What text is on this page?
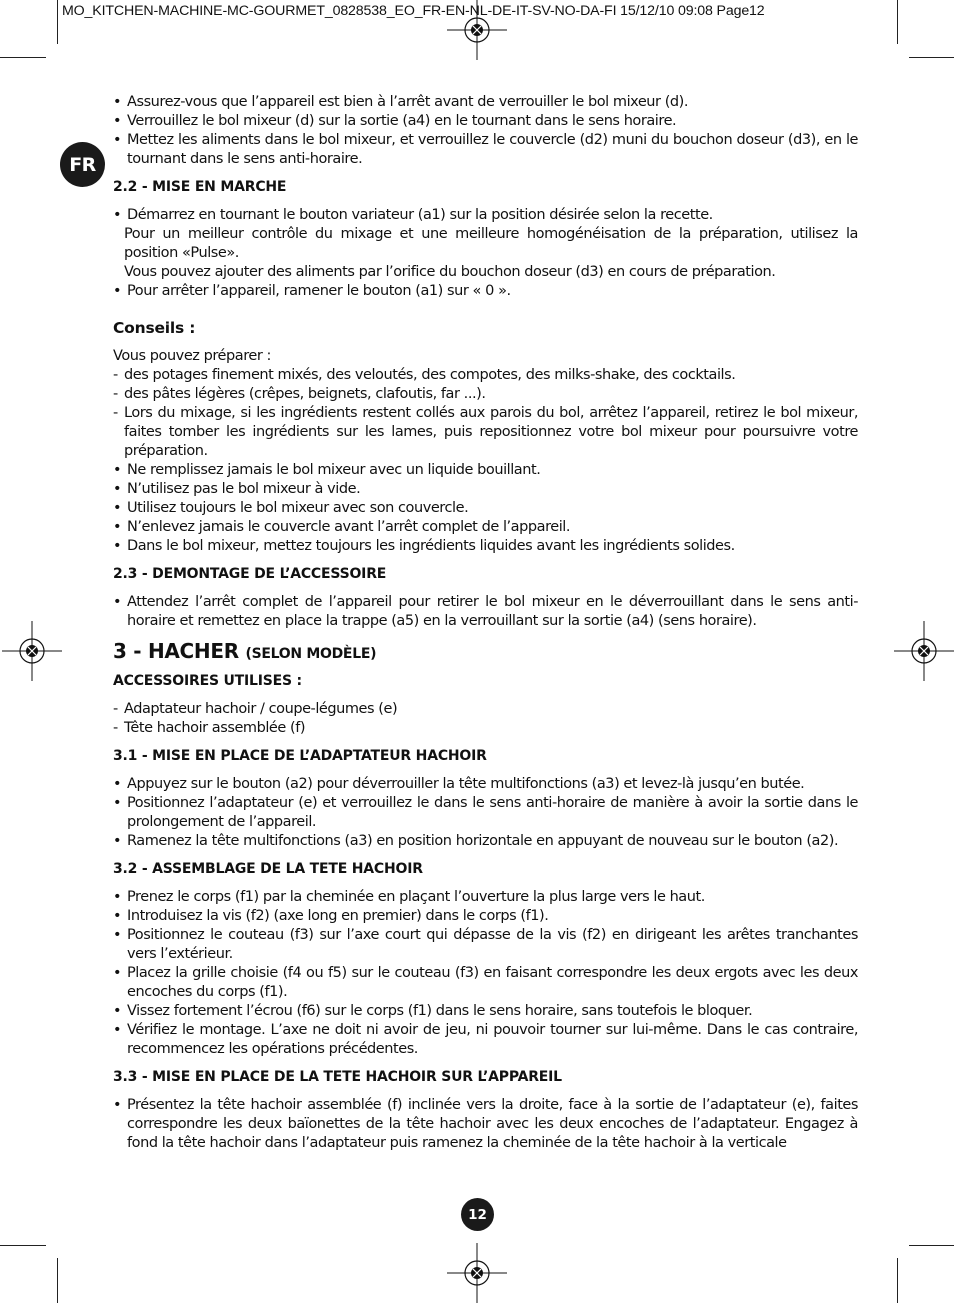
MO_KITCHEN-MACHINE-MC-GOURMET_0828538_EO_FR-EN-NL-DE-IT-SV-NO-DA-FI 15/12/10 09:08 Page12
FR
• Assurez-vous que l’appareil est bien à l’arrêt avant de verrouiller le bol mixeur (d).
• Verrouillez le bol mixeur (d) sur la sortie (a4) en le tournant dans le sens horaire.
• Mettez les aliments dans le bol mixeur, et verrouillez le couvercle (d2) muni du bouchon doseur (d3), en le tournant dans le sens anti-horaire.
2.2 - MISE EN MARCHE
• Démarrez en tournant le bouton variateur (a1) sur la position désirée selon la recette.
Pour un meilleur contrôle du mixage et une meilleure homogénéisation de la préparation, utilisez la position «Pulse».
Vous pouvez ajouter des aliments par l’orifice du bouchon doseur (d3) en cours de préparation.
• Pour arrêter l’appareil, ramener le bouton (a1) sur « 0 ».
Conseils :
Vous pouvez préparer :
- des potages finement mixés, des veloutés, des compotes, des milks-shake, des cocktails.
- des pâtes légères (crêpes, beignets, clafoutis, far ...).
- Lors du mixage, si les ingrédients restent collés aux parois du bol, arrêtez l’appareil, retirez le bol mixeur, faites tomber les ingrédients sur les lames, puis repositionnez votre bol mixeur pour poursuivre votre préparation.
• Ne remplissez jamais le bol mixeur avec un liquide bouillant.
• N’utilisez pas le bol mixeur à vide.
• Utilisez toujours le bol mixeur avec son couvercle.
• N’enlevez jamais le couvercle avant l’arrêt complet de l’appareil.
• Dans le bol mixeur, mettez toujours les ingrédients liquides avant les ingrédients solides.
2.3 - DEMONTAGE DE L’ACCESSOIRE
• Attendez l’arrêt complet de l’appareil pour retirer le bol mixeur en le déverrouillant dans le sens anti-horaire et remettez en place la trappe (a5) en la verrouillant sur la sortie (a4) (sens horaire).
3 - HACHER (SELON MODÈLE)
ACCESSOIRES UTILISES :
- Adaptateur hachoir / coupe-légumes (e)
- Tête hachoir assemblée (f)
3.1 - MISE EN PLACE DE L’ADAPTATEUR HACHOIR
• Appuyez sur le bouton (a2) pour déverrouiller la tête multifonctions (a3) et levez-là jusqu’en butée.
• Positionnez l’adaptateur (e) et verrouillez le dans le sens anti-horaire de manière à avoir la sortie dans le prolongement de l’appareil.
• Ramenez la tête multifonctions (a3) en position horizontale en appuyant de nouveau sur le bouton (a2).
3.2 - ASSEMBLAGE DE LA TETE HACHOIR
• Prenez le corps (f1) par la cheminée en plaçant l’ouverture la plus large vers le haut.
• Introduisez la vis (f2) (axe long en premier) dans le corps (f1).
• Positionnez le couteau (f3) sur l’axe court qui dépasse de la vis (f2) en dirigeant les arêtes tranchantes vers l’extérieur.
• Placez la grille choisie (f4 ou f5) sur le couteau (f3) en faisant correspondre les deux ergots avec les deux encoches du corps (f1).
• Vissez fortement l’écrou (f6) sur le corps (f1) dans le sens horaire, sans toutefois le bloquer.
• Vérifiez le montage. L’axe ne doit ni avoir de jeu, ni pouvoir tourner sur lui-même. Dans le cas contraire, recommencez les opérations précédentes.
3.3 - MISE EN PLACE DE LA TETE HACHOIR SUR L’APPAREIL
• Présentez la tête hachoir assemblée (f) inclinée vers la droite, face à la sortie de l’adaptateur (e), faites correspondre les deux baïonettes de la tête hachoir avec les deux encoches de l’adaptateur. Engagez à fond la tête hachoir dans l’adaptateur puis ramenez la cheminée de la tête hachoir à la verticale
12
